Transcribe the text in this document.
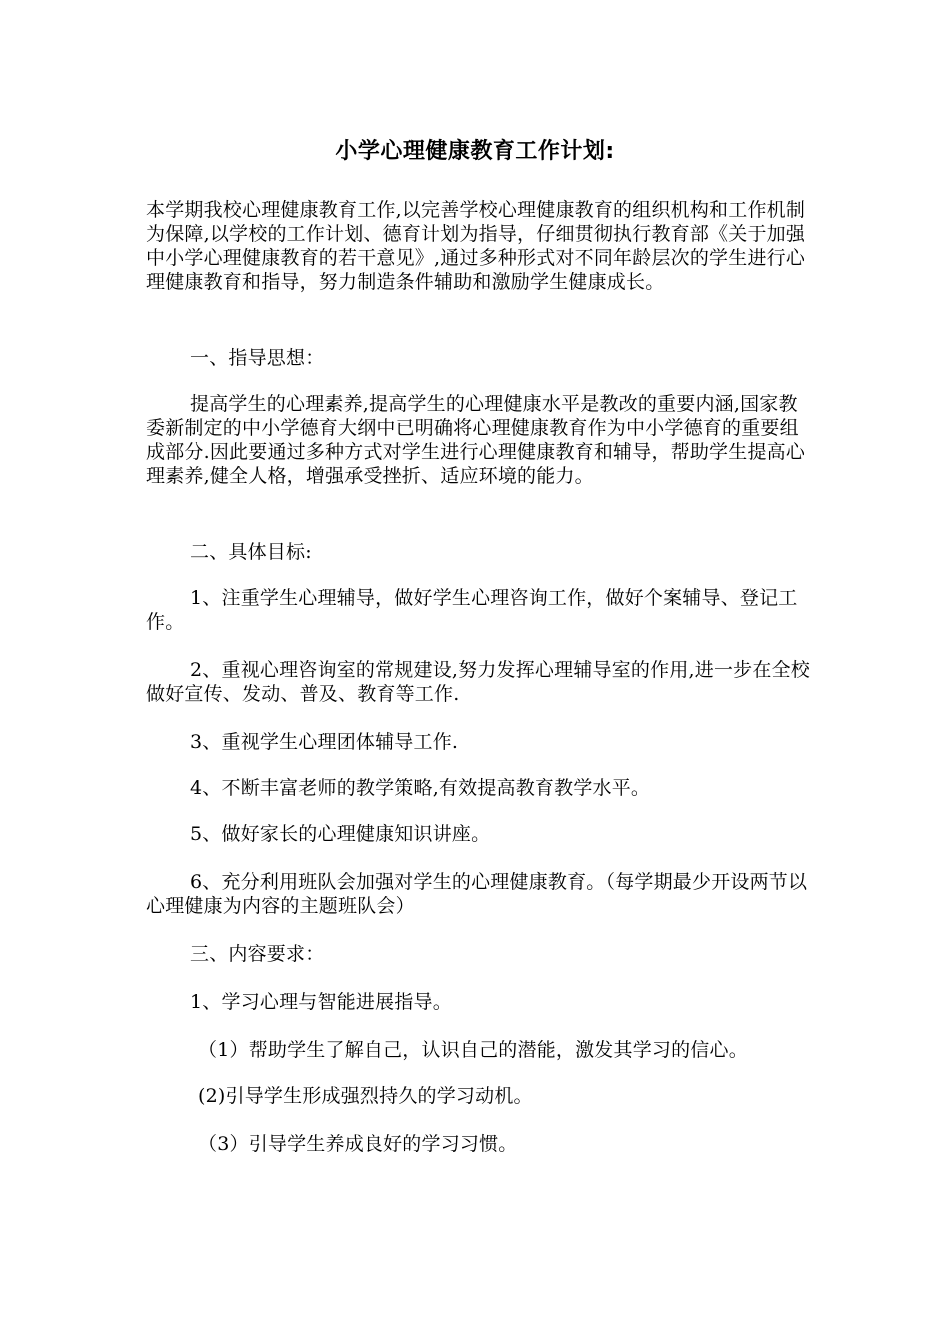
小学心理健康教育工作计划:
本学期我校心理健康教育工作,以完善学校心理健康教育的组织机构和工作机制为保障,以学校的工作计划、德育计划为指导，仔细贯彻执行教育部《关于加强中小学心理健康教育的若干意见》,通过多种形式对不同年龄层次的学生进行心理健康教育和指导，努力制造条件辅助和激励学生健康成长。
一、指导思想：
提高学生的心理素养,提高学生的心理健康水平是教改的重要内涵,国家教委新制定的中小学德育大纲中已明确将心理健康教育作为中小学德育的重要组成部分.因此要通过多种方式对学生进行心理健康教育和辅导，帮助学生提高心理素养,健全人格，增强承受挫折、适应环境的能力。
二、具体目标:
1、注重学生心理辅导，做好学生心理咨询工作，做好个案辅导、登记工作。
2、重视心理咨询室的常规建设,努力发挥心理辅导室的作用,进一步在全校做好宣传、发动、普及、教育等工作.
3、重视学生心理团体辅导工作.
4、不断丰富老师的教学策略,有效提高教育教学水平。
5、做好家长的心理健康知识讲座。
6、充分利用班队会加强对学生的心理健康教育。（每学期最少开设两节以心理健康为内容的主题班队会）
三、内容要求：
1、学习心理与智能进展指导。
（1）帮助学生了解自己，认识自己的潜能，激发其学习的信心。
(2)引导学生形成强烈持久的学习动机。
（3）引导学生养成良好的学习习惯。
